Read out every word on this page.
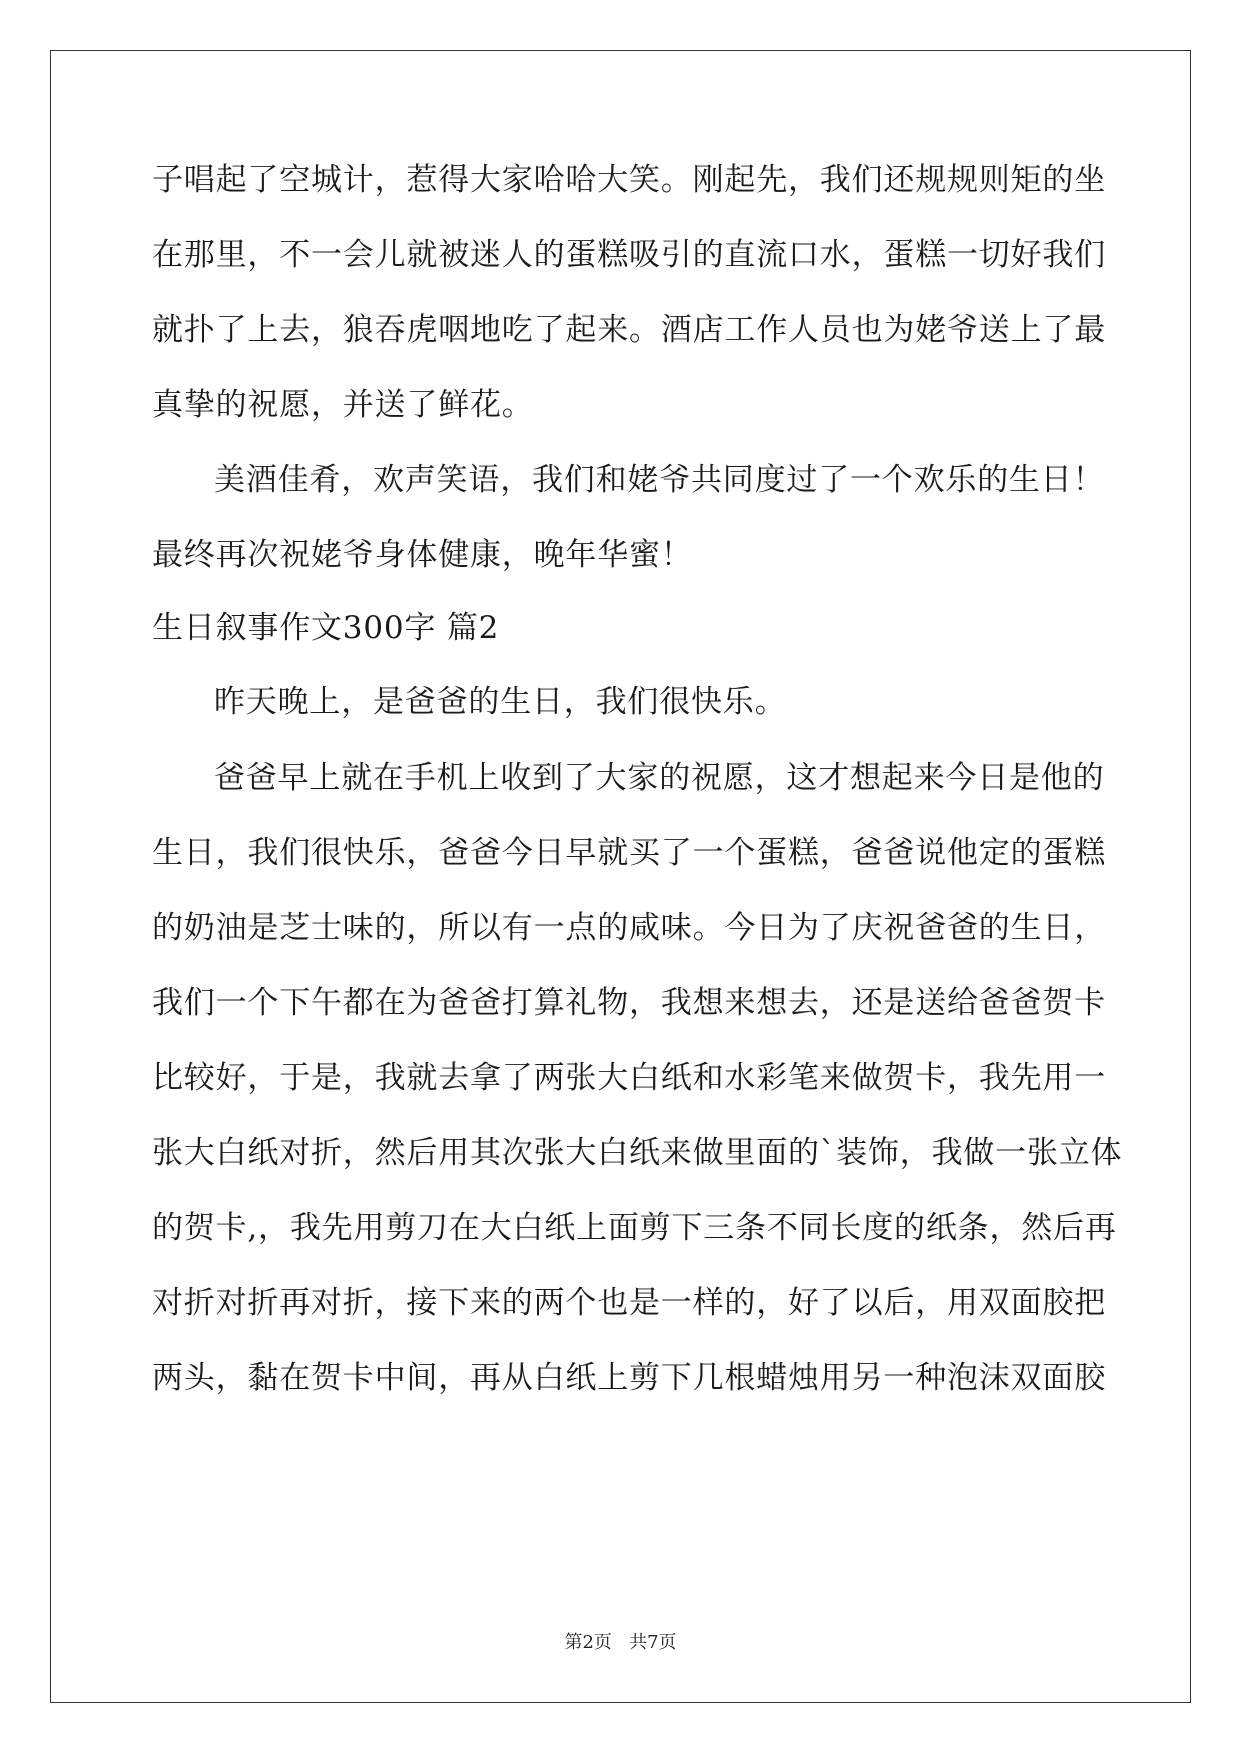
子唱起了空城计，惹得大家哈哈大笑。刚起先，我们还规规则矩的坐
在那里，不一会儿就被迷人的蛋糕吸引的直流口水，蛋糕一切好我们
就扑了上去，狼吞虎咽地吃了起来。酒店工作人员也为姥爷送上了最
真挚的祝愿，并送了鲜花。
美酒佳肴，欢声笑语，我们和姥爷共同度过了一个欢乐的生日！
最终再次祝姥爷身体健康，晚年华蜜！
生日叙事作文300字 篇2
昨天晚上，是爸爸的生日，我们很快乐。
爸爸早上就在手机上收到了大家的祝愿，这才想起来今日是他的
生日，我们很快乐，爸爸今日早就买了一个蛋糕，爸爸说他定的蛋糕
的奶油是芝士味的，所以有一点的咸味。今日为了庆祝爸爸的生日，
我们一个下午都在为爸爸打算礼物，我想来想去，还是送给爸爸贺卡
比较好，于是，我就去拿了两张大白纸和水彩笔来做贺卡，我先用一
张大白纸对折，然后用其次张大白纸来做里面的`装饰，我做一张立体
的贺卡,，我先用剪刀在大白纸上面剪下三条不同长度的纸条，然后再
对折对折再对折，接下来的两个也是一样的，好了以后，用双面胶把
两头，黏在贺卡中间，再从白纸上剪下几根蜡烛用另一种泡沫双面胶
第2页   共7页
